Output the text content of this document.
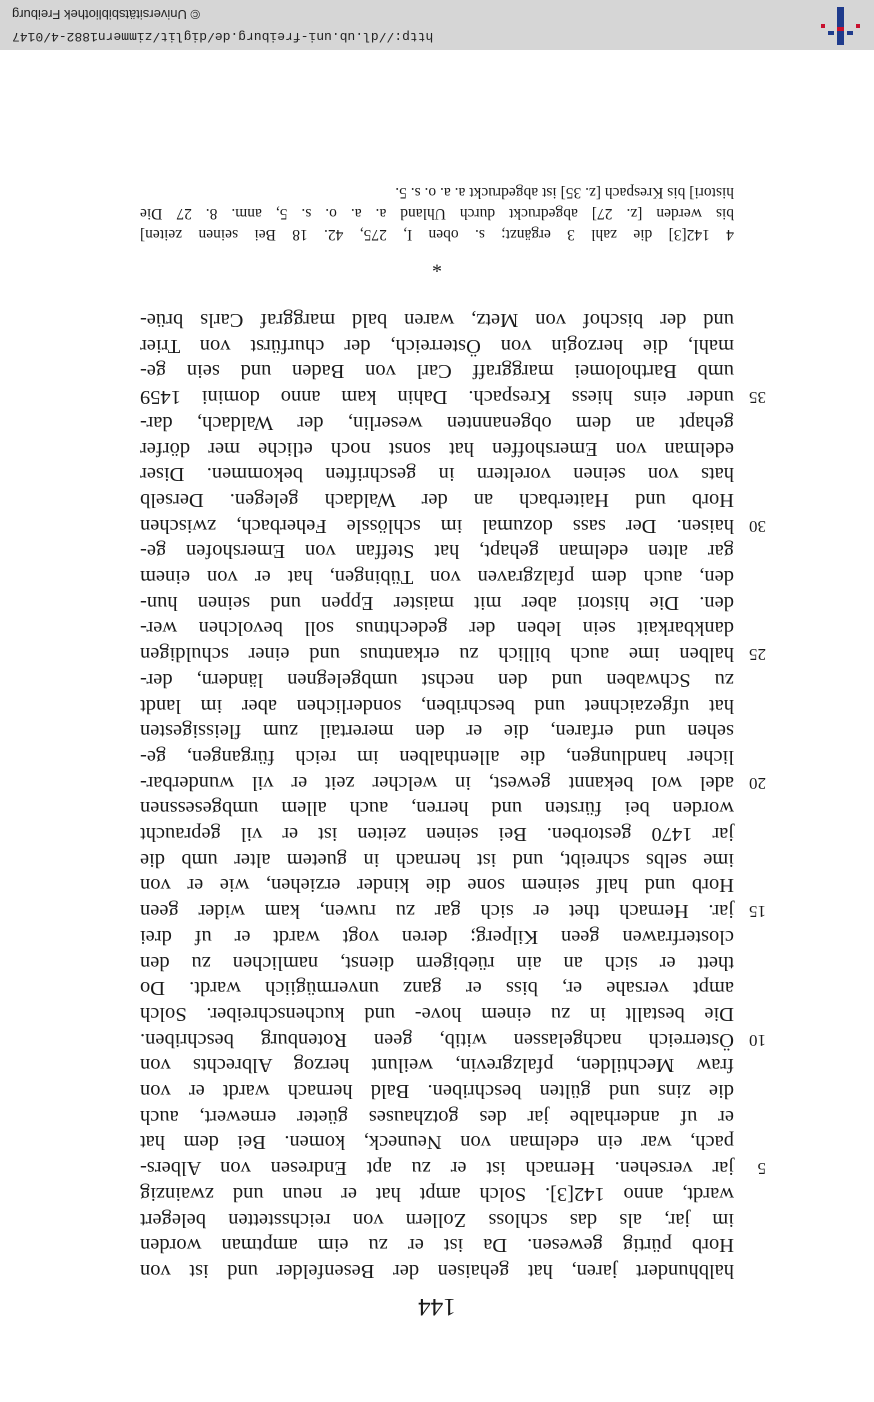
144
halbhundert jaren, hat gehaisen der Besenfelder und ist von
Horb pürtig gewesen. Da ist er zu eim amptman worden
im jar, als das schloss Zollern von reichsstetten belegert
wardt, anno 142[3]. Solch ampt hat er neun und zwainzig
jar versehen. Hernach ist er zu apt Endresen von Albers-	5
pach, war ein edelman von Neuneck, komen. Bei dem hat
er uf anderhalbe jar des gotzhauses güeter ernewert, auch
die zins und gülten beschriben. Bald hernach wardt er von
fraw Mechtilden, pfalzgrevin, weilunt herzog Albrechts von
Österreich nachgelassen witib, geen Rotenburg beschriben. 10
Die bestallt in zu einem hove- und kuchenschreiber. Solch
ampt versahe er, biss er ganz unvermügiich wardt. Do
thett er sich an ain rüebigern dienst, namlichen zu den
closterfrawen geen Kilperg; deren vogt wardt er uf drei
jar. Hernach thet er sich gar zu ruwen, kam wider geen 15
Horb und half seinem sone die kinder erziehen, wie er von
ime selbs schreibt, und ist hernach in guetem alter umb die
jar 1470 gestorben. Bei seinen zeiten ist er vil gepraucht
worden bei fürsten und herren, auch allem umbgesessnen
adel wol bekannt gewest, in welcher zeit er vil wunderbar- 20
licher handlungen, die allenthalben im reich fürgangen, ge-
sehen und erfaren, die er den merertail zum fleissigesten
hat ufgezaichnet und beschriben, sonderlichen aber im landt
zu Schwaben und den nechst umbgelegnen ländern, der-
halben ime auch billich zu erkantnus und einer schuldigen 25
dankbarkait sein leben der gedechtnus soll bevolchen wer-
den. Die histori aber mit maister Eppen und seinen hun-
den, auch dem pfalzgraven von Tübingen, hat er von einem
gar alten edelman gehapt, hat Steffan von Emershofen ge-
haisen. Der sass dozumal im schlössle Feherbach, zwischen 30
Horb und Haiterbach an der Waldach gelegen. Derselb
hats von seinen voreltern in geschriften bekommen. Diser
edelman von Emershoffen hat sonst noch etliche mer dörfer
gehapt an dem obgenannten weserlin, der Waldach, dar-
under eins hiess Krespach. Dahin kam anno domini 1459 35
umb Bartholomei marggraff Carl von Baden und sein ge-
mahl, die herzogin von Österreich, der churfürst von Trier
und der bischof von Metz, waren bald marggraf Carls brüe-
*
4 142[3] die zahl 3 ergänzt; s. oben I, 275, 42. 18 Bei seinen zeiten]
bis werden [z. 27] abgedruckt durch Uhland a. a. o. s. 5, anm. 8. 27 Die
histori] bis Krespach [z. 35] ist abgedruckt a. a. o. s. 5.
http://dl.ub.uni-freiburg.de/diglit/zimmern1882-4/0147
© Universitätsbibliothek Freiburg
